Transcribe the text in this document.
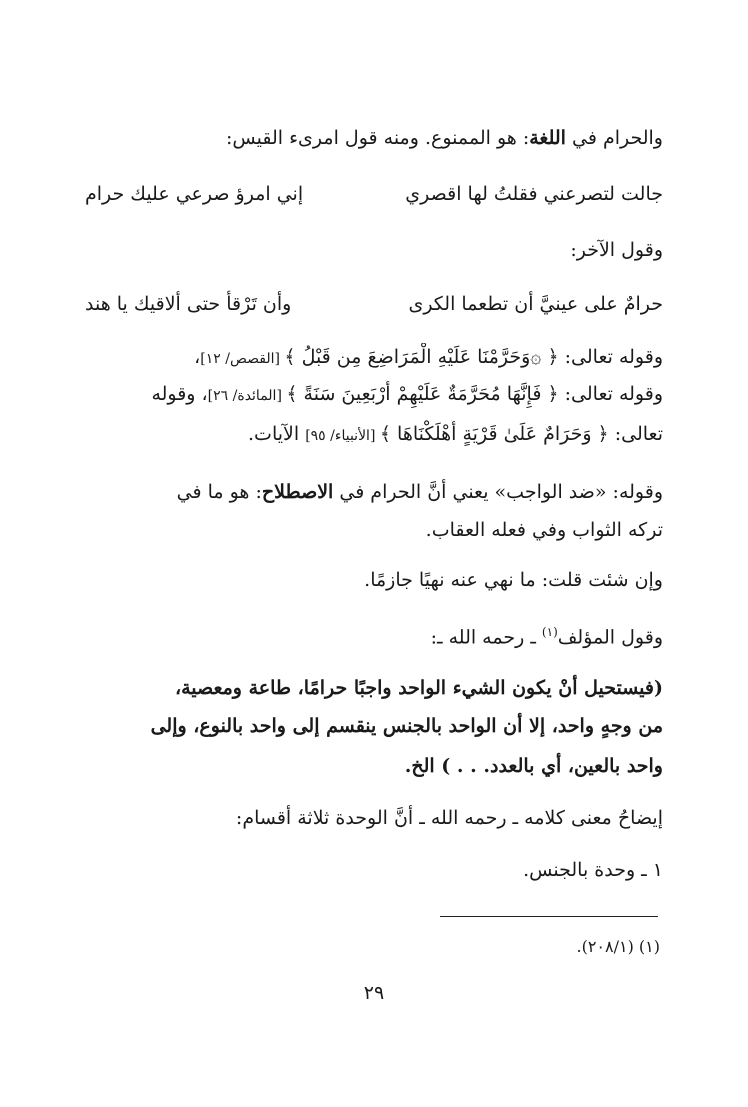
والحرام في اللغة: هو الممنوع. ومنه قول امرىء القيس:
جالت لتصرعني فقلتُ لها اقصري
إني امرؤ صرعي عليك حرام
وقول الآخر:
حرامٌ على عينيَّ أن تطعما الكرى
وأن تَرْقأ حتى ألاقيك يا هند
وقوله تعالى: ﴿ ۞وَحَرَّمْنَا عَلَيْهِ الْمَرَاضِعَ مِن قَبْلُ ﴾ [القصص/ ١٢]،
وقوله تعالى: ﴿ فَإِنَّهَا مُحَرَّمَةٌ عَلَيْهِمْ أَرْبَعِينَ سَنَةً ﴾ [المائدة/ ٢٦]، وقوله
تعالى: ﴿ وَحَرَامٌ عَلَىٰ قَرْيَةٍ أَهْلَكْنَاهَا ﴾ [الأنبياء/ ٩٥] الآيات.
وقوله: «ضد الواجب» يعني أنَّ الحرام في الاصطلاح: هو ما في
تركه الثواب وفي فعله العقاب.
وإن شئت قلت: ما نهي عنه نهيًا جازمًا.
وقول المؤلف$^{(١)}$ ـ رحمه الله ـ:
(فيستحيل أنْ يكون الشيء الواحد واجبًا حرامًا، طاعة ومعصية،
من وجهٍ واحد، إلا أن الواحد بالجنس ينقسم إلى واحد بالنوع، وإلى
واحد بالعين، أي بالعدد. . . ) الخ.
إيضاحُ معنى كلامه ـ رحمه الله ـ أنَّ الوحدة ثلاثة أقسام:
١ ـ وحدة بالجنس.
(١) (٢٠٨/١).
٢٩
